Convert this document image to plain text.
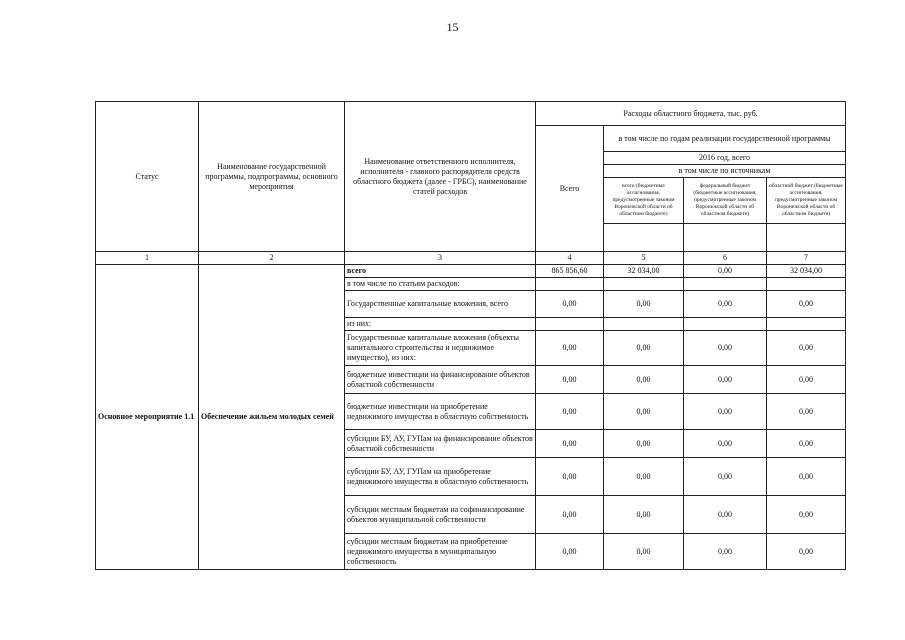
15
Статус	Наименование государственной программы, подпрограммы, основного мероприятия	Наименование ответственного исполнителя, исполнителя - главного распорядителя средств областного бюджета (далее - ГРБС), наименование статей расходов	Расходы областного бюджета, тыс. руб.			
			Всего	в том числе по годам реализации государственной программы		
				2016 год, всего		
				в том числе по источникам		
				всего (бюджетные ассигнования, предусмотренные законом Воронежской области об областном бюджете)	федеральный бюджет (бюджетные ассигнования, предусмотренные законом Воронежской области об областном бюджете)	областной бюджет (бюджетные ассигнования, предусмотренные законом Воронежской области об областном бюджете)

1	2	3	4	5	6	7
Основное мероприятие 1.1	Обеспечение жильем молодых семей	всего	865 856,60	32 034,00	0,00	32 034,00
		в том числе по статьям расходов:				
		Государственные капитальные вложения, всего	0,00	0,00	0,00	0,00
		из них:				
		Государственные капитальные вложения (объекты капитального строительства и недвижимое имущество), из них:	0,00	0,00	0,00	0,00
		бюджетные инвестиции на финансирование объектов областной собственности	0,00	0,00	0,00	0,00
		бюджетные инвестиции на приобретение недвижимого имущества в областную собственность	0,00	0,00	0,00	0,00
		субсидии БУ, АУ, ГУПам на финансирование объектов областной собственности	0,00	0,00	0,00	0,00
		субсидии БУ, АУ, ГУПам на приобретение недвижимого имущества в областную собственность	0,00	0,00	0,00	0,00
		субсидии местным бюджетам на софинансирование объектов муниципальной собственности	0,00	0,00	0,00	0,00
		субсидии местным бюджетам на приобретение недвижимого имущества в муниципальную собственность	0,00	0,00	0,00	0,00
